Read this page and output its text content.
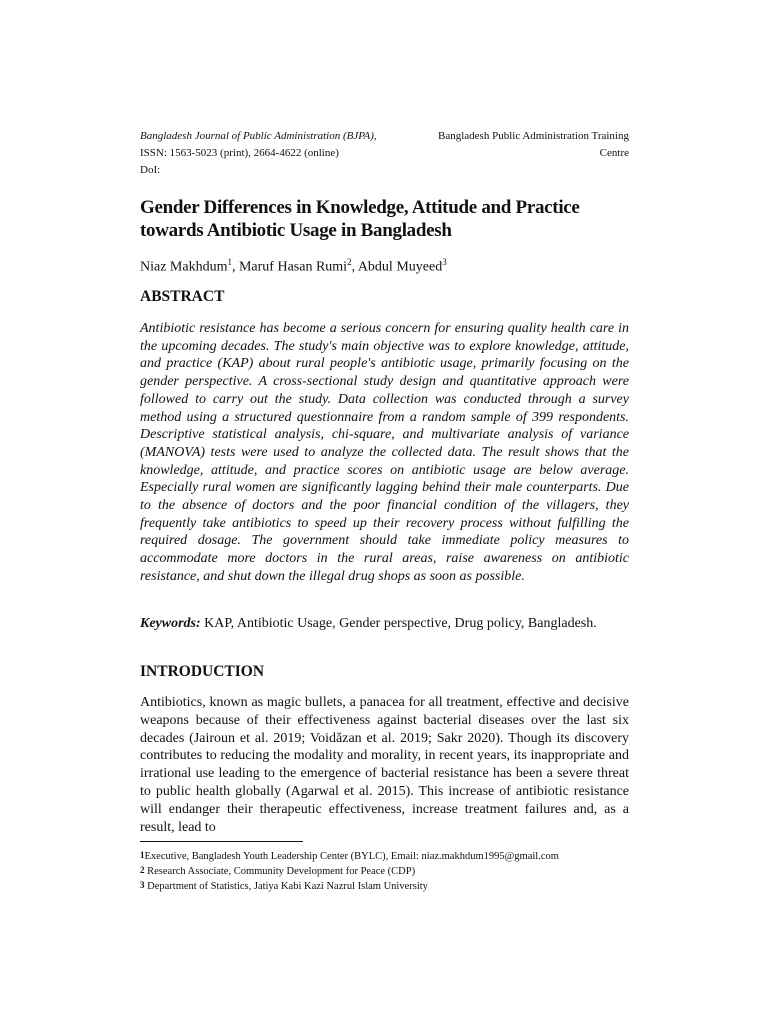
Bangladesh Journal of Public Administration (BJPA),
ISSN: 1563-5023 (print), 2664-4622 (online)
DoI:
Bangladesh Public Administration Training
Centre
Gender Differences in Knowledge, Attitude and Practice towards Antibiotic Usage in Bangladesh
Niaz Makhdum$^1$, Maruf Hasan Rumi$^2$, Abdul Muyeed$^3$
ABSTRACT
Antibiotic resistance has become a serious concern for ensuring quality health care in the upcoming decades. The study's main objective was to explore knowledge, attitude, and practice (KAP) about rural people's antibiotic usage, primarily focusing on the gender perspective. A cross-sectional study design and quantitative approach were followed to carry out the study. Data collection was conducted through a survey method using a structured questionnaire from a random sample of 399 respondents. Descriptive statistical analysis, chi-square, and multivariate analysis of variance (MANOVA) tests were used to analyze the collected data. The result shows that the knowledge, attitude, and practice scores on antibiotic usage are below average. Especially rural women are significantly lagging behind their male counterparts. Due to the absence of doctors and the poor financial condition of the villagers, they frequently take antibiotics to speed up their recovery process without fulfilling the required dosage. The government should take immediate policy measures to accommodate more doctors in the rural areas, raise awareness on antibiotic resistance, and shut down the illegal drug shops as soon as possible.
Keywords: KAP, Antibiotic Usage, Gender perspective, Drug policy, Bangladesh.
INTRODUCTION
Antibiotics, known as magic bullets, a panacea for all treatment, effective and decisive weapons because of their effectiveness against bacterial diseases over the last six decades (Jairoun et al. 2019; Voidăzan et al. 2019; Sakr 2020). Though its discovery contributes to reducing the modality and morality, in recent years, its inappropriate and irrational use leading to the emergence of bacterial resistance has been a severe threat to public health globally (Agarwal et al. 2015). This increase of antibiotic resistance will endanger their therapeutic effectiveness, increase treatment failures and, as a result, lead to
1Executive, Bangladesh Youth Leadership Center (BYLC), Email: niaz.makhdum1995@gmail.com
2 Research Associate, Community Development for Peace (CDP)
3 Department of Statistics, Jatiya Kabi Kazi Nazrul Islam University
